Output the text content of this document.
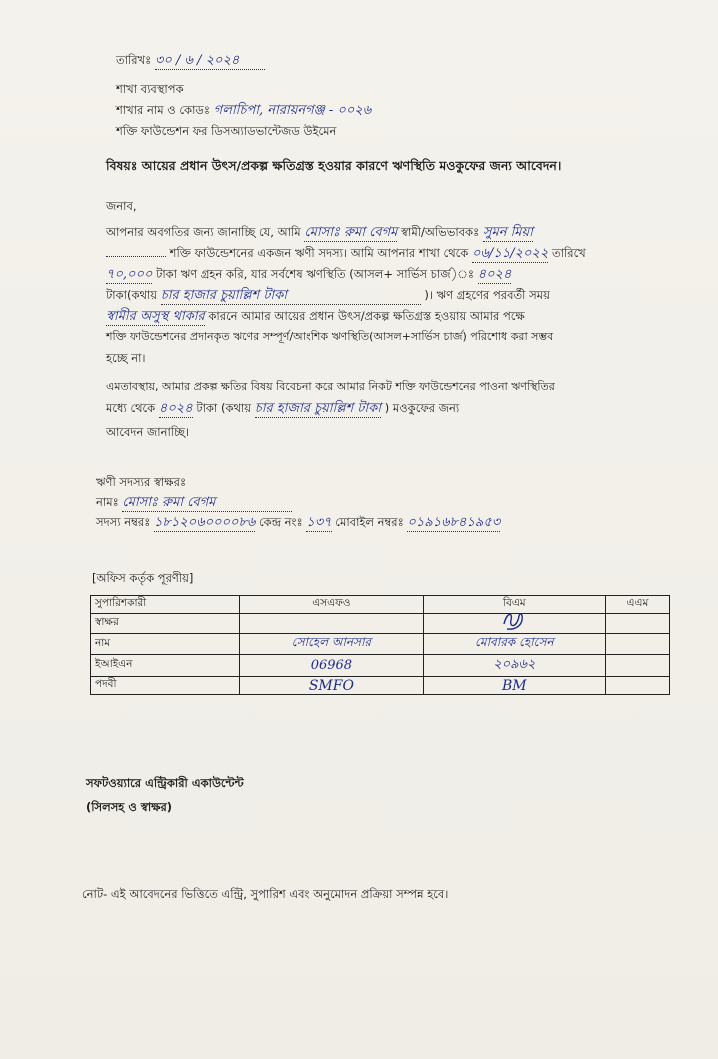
তারিখঃ ৩০ / ৬ / ২০২৪
শাখা ব্যবস্থাপক
শাখার নাম ও কোডঃ গলাচিপা, নারায়নগঞ্জ - ০০২৬
শক্তি ফাউন্ডেশন ফর ডিসঅ্যাডভান্টেজড উইমেন
বিষয়ঃ আয়ের প্রধান উৎস/প্রকল্প ক্ষতিগ্রস্ত হওয়ার কারণে ঋণস্থিতি মওকুফের জন্য আবেদন।
জনাব,
আপনার অবগতির জন্য জানাচ্ছি যে, আমি মোসাঃ রুমা বেগম স্বামী/অভিভাবকঃ সুমন মিয়া
শক্তি ফাউন্ডেশনের একজন ঋণী সদস্য। আমি আপনার শাখা থেকে ০৬/১১/২০২২ তারিখে
৭০,০০০ টাকা ঋণ গ্রহন করি, যার সর্বশেষ ঋণস্থিতি (আসল+ সার্ভিস চার্জ)ঃ ৪০২৪
টাকা(কথায় চার হাজার চুয়াল্লিশ টাকা	)। ঋণ গ্রহণের পরবর্তী সময়
স্বামীর অসুস্থ থাকার কারনে আমার আয়ের প্রধান উৎস/প্রকল্প ক্ষতিগ্রস্ত হওয়ায় আমার পক্ষে
শক্তি ফাউন্ডেশনের প্রদানকৃত ঋণের সম্পূর্ণ/আংশিক ঋণস্থিতি(আসল+সার্ভিস চার্জ) পরিশোধ করা সম্ভব
হচ্ছে না।
এমতাবস্থায়, আমার প্রকল্প ক্ষতির বিষয় বিবেচনা করে আমার নিকট শক্তি ফাউন্ডেশনের পাওনা ঋণস্থিতির
মধ্যে থেকে ৪০২৪ টাকা (কথায় চার হাজার চুয়াল্লিশ টাকা ) মওকুফের জন্য
আবেদন জানাচ্ছি।
ঋণী সদস্যর স্বাক্ষরঃ
নামঃ মোসাঃ রুমা বেগম
সদস্য নম্বরঃ ১৮১২০৬০০০০৮৬ কেন্দ্র নংঃ ১৩৭ মোবাইল নম্বরঃ ০১৯১৬৮৪১৯৫৩
[অফিস কর্তৃক পূরণীয়]
সুপারিশকারী	এসএফও	বিএম	এএম
স্বাক্ষর		

নাম	সোহেল আনসার	মোবারক হোসেন	
ইআইএন	06968	২০৯৬২	
পদবী	SMFO	BM	
সফটওয়্যারে এন্ট্রিকারী একাউন্টেন্ট
(সিলসহ ও স্বাক্ষর)
নোট- এই আবেদনের ভিত্তিতে এন্ট্রি, সুপারিশ এবং অনুমোদন প্রক্রিয়া সম্পন্ন হবে।
